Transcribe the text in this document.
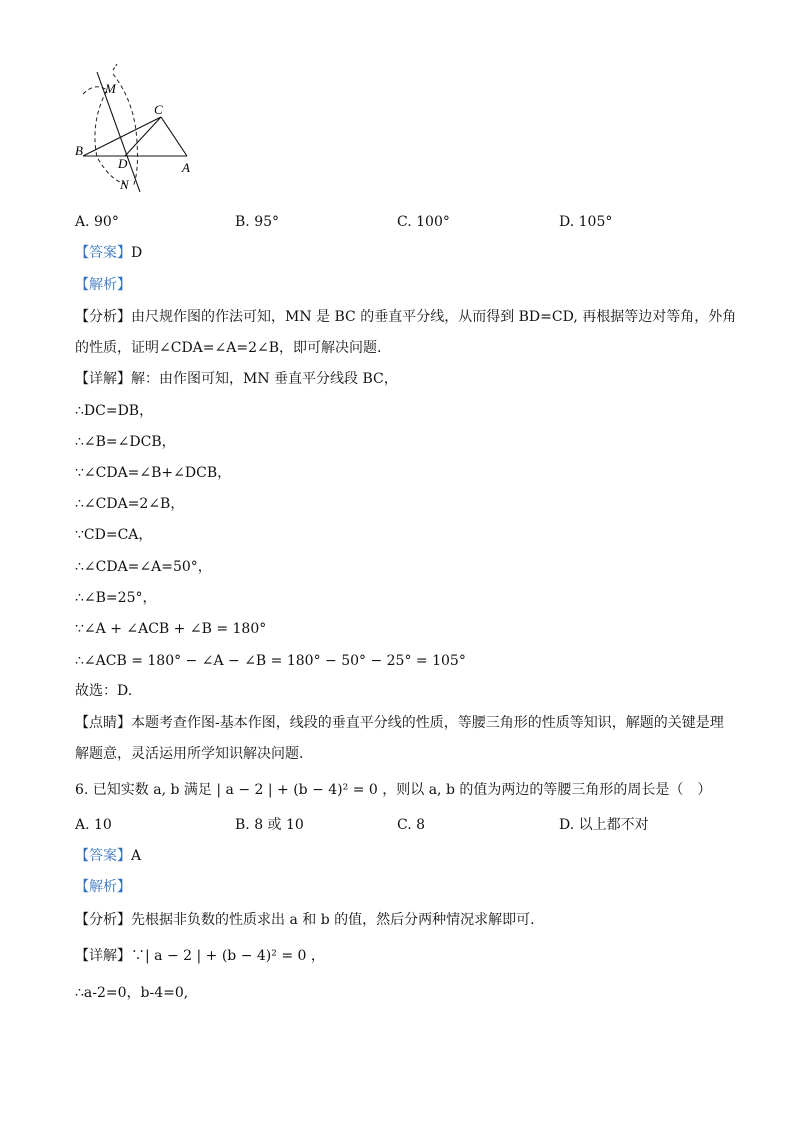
M
C
B
D	A
N
A. 90°	B. 95°	C. 100°	D. 105°
【答案】D
【解析】
【分析】由尺规作图的作法可知，MN 是 BC 的垂直平分线，从而得到 BD=CD, 再根据等边对等角，外角
的性质，证明∠CDA=∠A=2∠B，即可解决问题.
【详解】解：由作图可知，MN 垂直平分线段 BC，
∴DC=DB，
∴∠B=∠DCB，
∵∠CDA=∠B+∠DCB，
∴∠CDA=2∠B，
∵CD=CA，
∴∠CDA=∠A=50°，
∴∠B=25°，
∵∠A + ∠ACB + ∠B = 180°
∴∠ACB = 180° − ∠A − ∠B = 180° − 50° − 25° = 105°
故选：D.
【点睛】本题考查作图-基本作图，线段的垂直平分线的性质，等腰三角形的性质等知识，解题的关键是理
解题意，灵活运用所学知识解决问题.
6. 已知实数 a, b 满足 | a − 2 | + (b − 4)² = 0 ，则以 a, b 的值为两边的等腰三角形的周长是（　）
A. 10	B. 8 或 10	C. 8	D. 以上都不对
【答案】A
【解析】
【分析】先根据非负数的性质求出 a 和 b 的值，然后分两种情况求解即可.
【详解】∵| a − 2 | + (b − 4)² = 0 ，
∴a-2=0，b-4=0,
